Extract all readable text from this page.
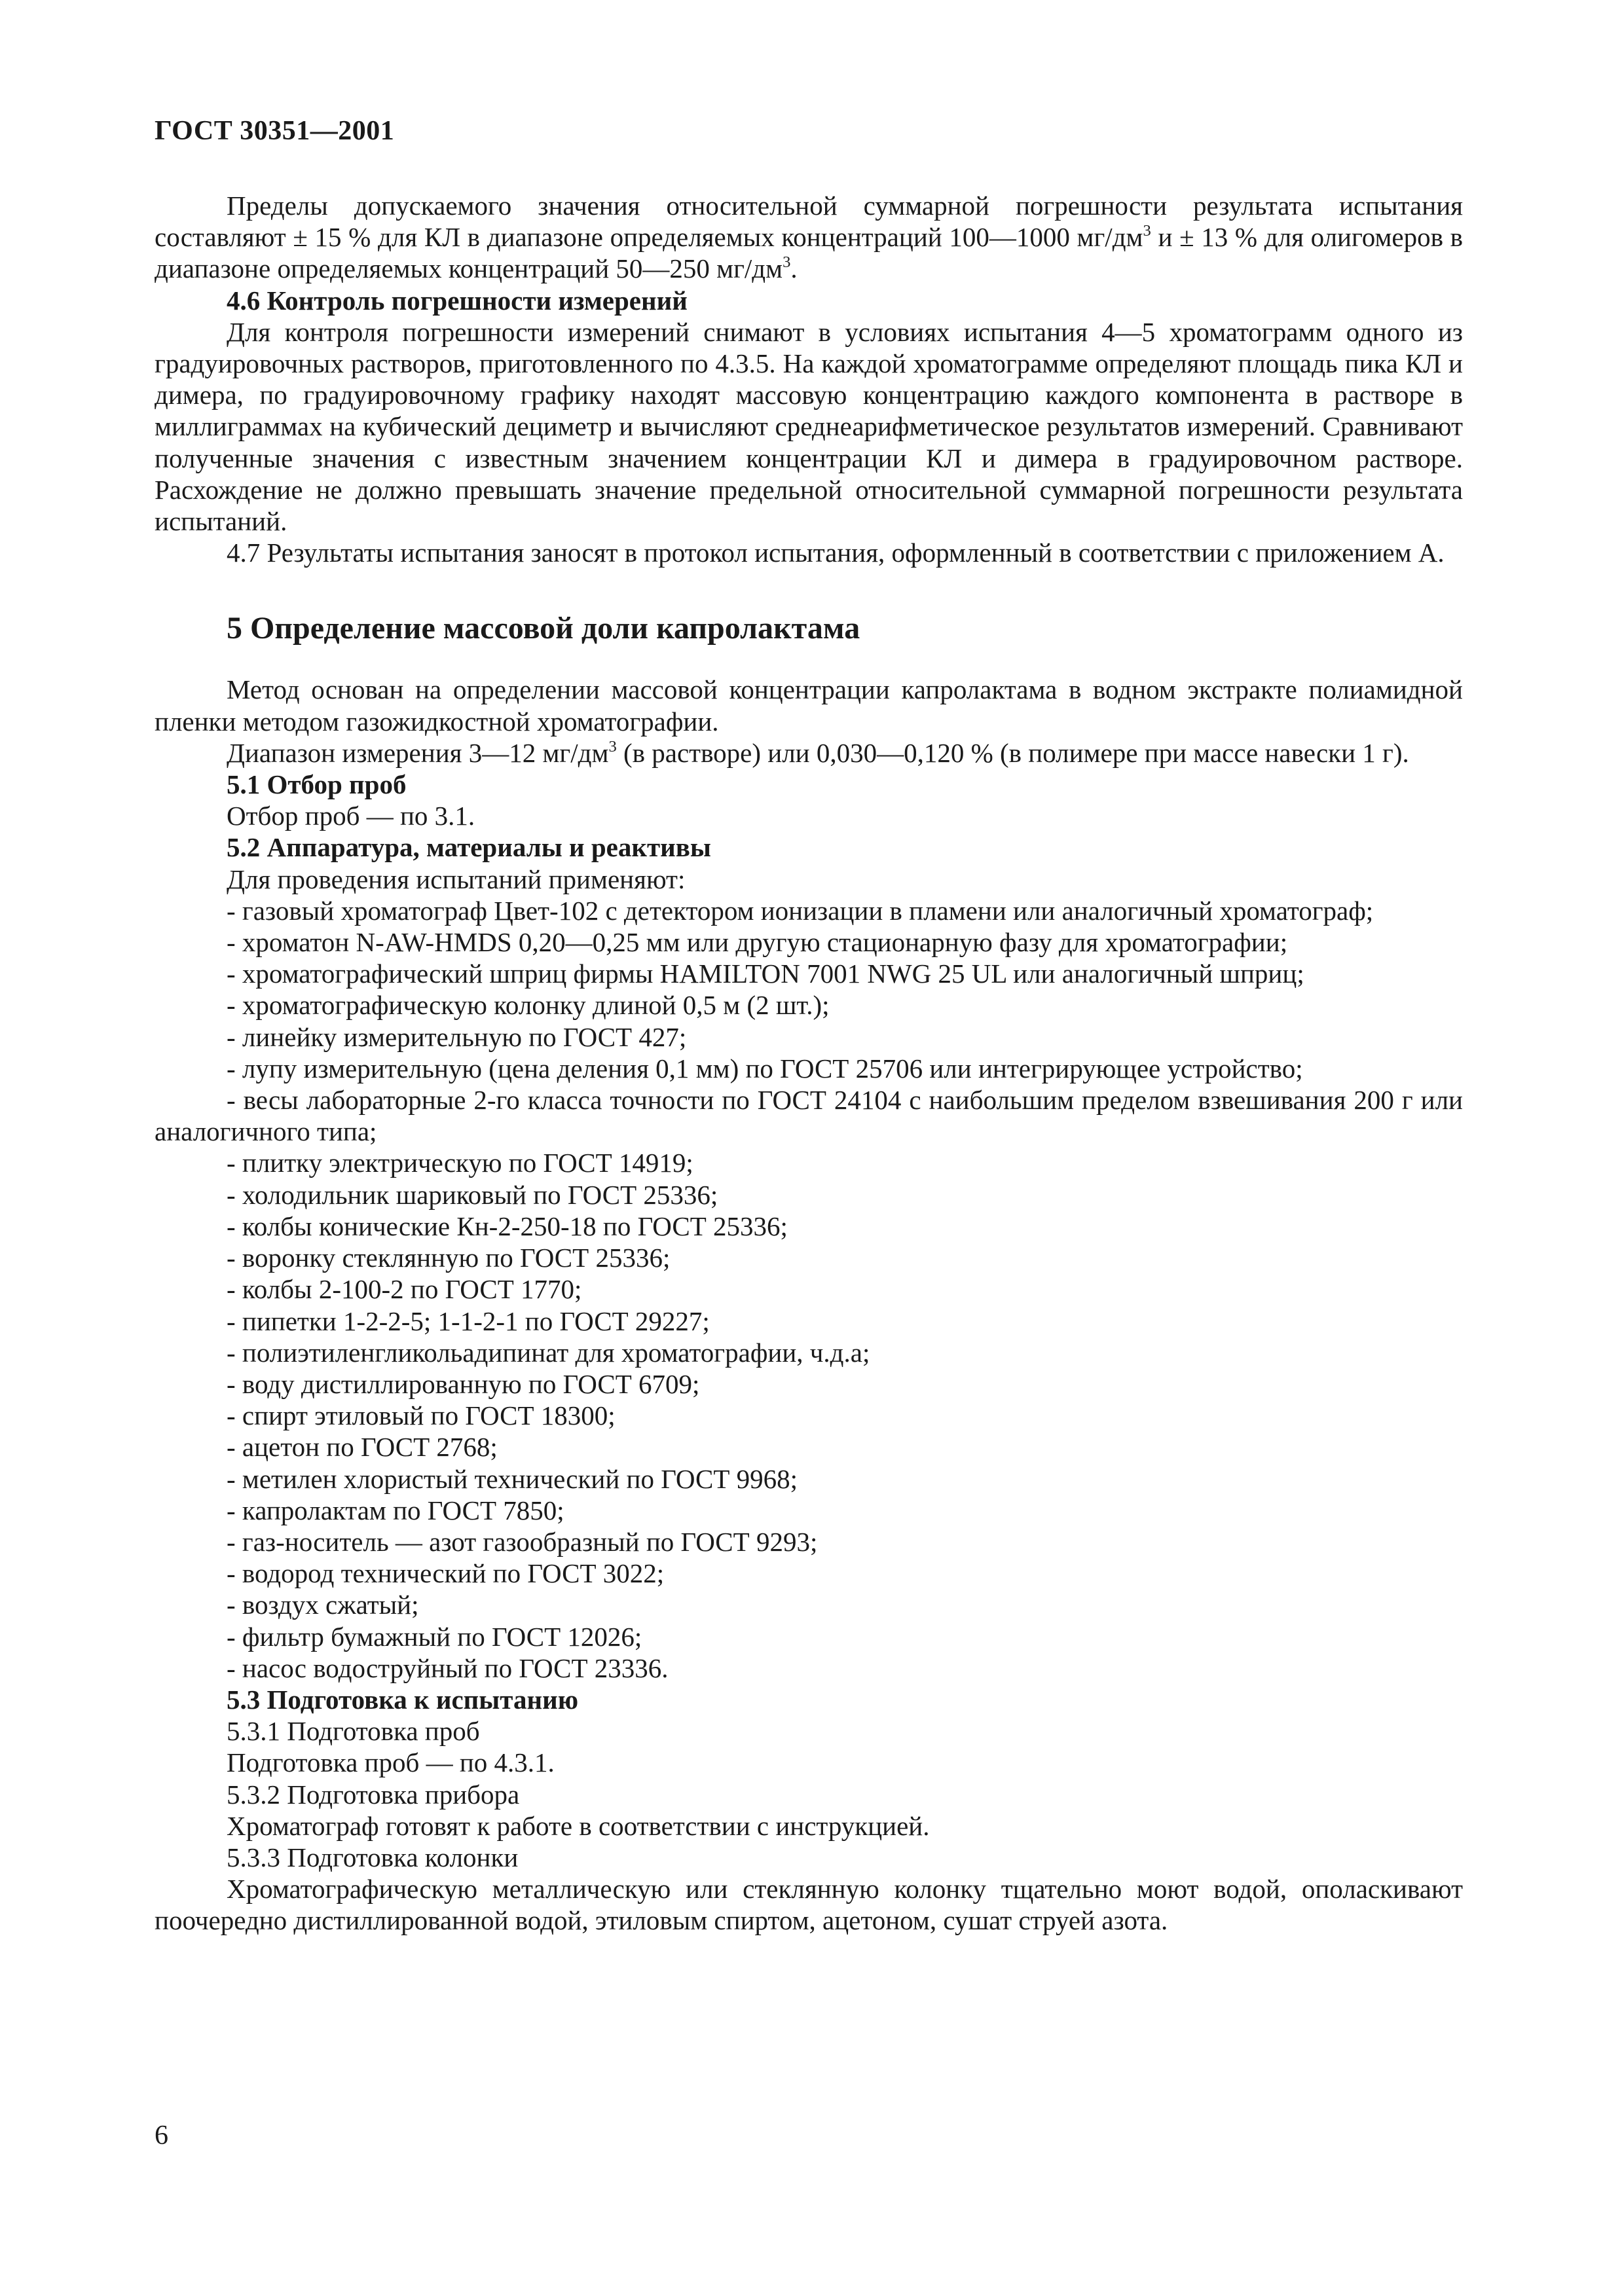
ГОСТ 30351—2001

Пределы допускаемого значения относительной суммарной погрешности результата испытания составляют ± 15 % для КЛ в диапазоне определяемых концентраций 100—1000 $мг/дм^3$ и ± 13 % для олигомеров в диапазоне определяемых концентраций 50—250 $мг/дм^3$.

4.6 Контроль погрешности измерений

Для контроля погрешности измерений снимают в условиях испытания 4—5 хроматограмм одного из градуировочных растворов, приготовленного по 4.3.5. На каждой хроматограмме определяют площадь пика КЛ и димера, по градуировочному графику находят массовую концентрацию каждого компонента в растворе в миллиграммах на кубический дециметр и вычисляют среднеарифметическое результатов измерений. Сравнивают полученные значения с известным значением концентрации КЛ и димера в градуировочном растворе. Расхождение не должно превышать значение предельной относительной суммарной погрешности результата испытаний.

4.7 Результаты испытания заносят в протокол испытания, оформленный в соответствии с приложением А.

5 Определение массовой доли капролактама

Метод основан на определении массовой концентрации капролактама в водном экстракте полиамидной пленки методом газожидкостной хроматографии.

Диапазон измерения 3—12 $мг/дм^3$ (в растворе) или 0,030—0,120 % (в полимере при массе навески 1 г).

5.1 Отбор проб

Отбор проб — по 3.1.

5.2 Аппаратура, материалы и реактивы

Для проведения испытаний применяют:

- газовый хроматограф Цвет-102 с детектором ионизации в пламени или аналогичный хроматограф;

- хроматон N-AW-HMDS 0,20—0,25 мм или другую стационарную фазу для хроматографии;

- хроматографический шприц фирмы HAMILTON 7001 NWG 25 UL или аналогичный шприц;

- хроматографическую колонку длиной 0,5 м (2 шт.);

- линейку измерительную по ГОСТ 427;

- лупу измерительную (цена деления 0,1 мм) по ГОСТ 25706 или интегрирующее устройство;

- весы лабораторные 2-го класса точности по ГОСТ 24104 с наибольшим пределом взвешивания 200 г или аналогичного типа;

- плитку электрическую по ГОСТ 14919;

- холодильник шариковый по ГОСТ 25336;

- колбы конические Кн-2-250-18 по ГОСТ 25336;

- воронку стеклянную по ГОСТ 25336;

- колбы 2-100-2 по ГОСТ 1770;

- пипетки 1-2-2-5; 1-1-2-1 по ГОСТ 29227;

- полиэтиленгликольадипинат для хроматографии, ч.д.а;

- воду дистиллированную по ГОСТ 6709;

- спирт этиловый по ГОСТ 18300;

- ацетон по ГОСТ 2768;

- метилен хлористый технический по ГОСТ 9968;

- капролактам по ГОСТ 7850;

- газ-носитель — азот газообразный по ГОСТ 9293;

- водород технический по ГОСТ 3022;

- воздух сжатый;

- фильтр бумажный по ГОСТ 12026;

- насос водоструйный по ГОСТ 23336.

5.3 Подготовка к испытанию

5.3.1 Подготовка проб

Подготовка проб — по 4.3.1.

5.3.2 Подготовка прибора

Хроматограф готовят к работе в соответствии с инструкцией.

5.3.3 Подготовка колонки

Хроматографическую металлическую или стеклянную колонку тщательно моют водой, ополаскивают поочередно дистиллированной водой, этиловым спиртом, ацетоном, сушат струей азота.

6
